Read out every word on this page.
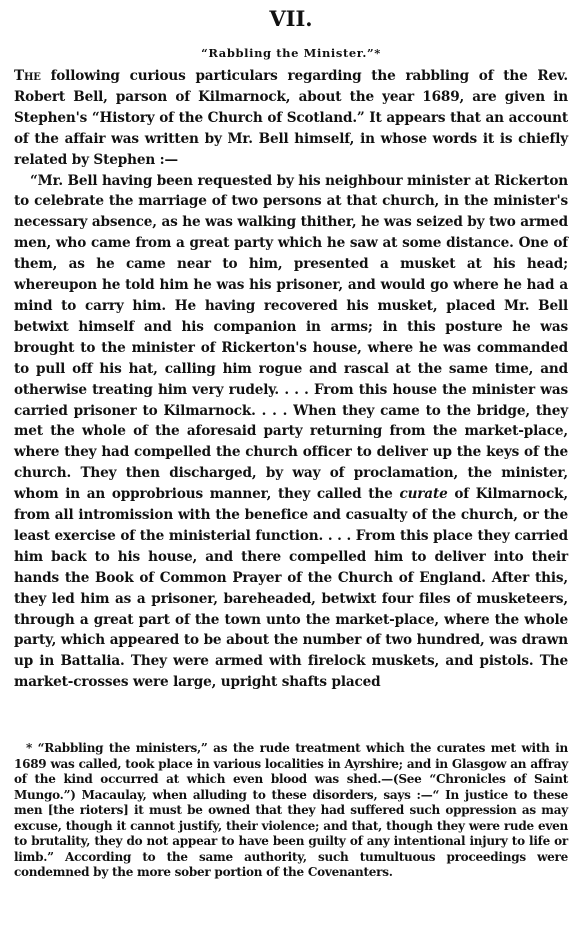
VII.
“Rabbling the Minister.”*

The following curious particulars regarding the rabbling of the Rev. Robert Bell, parson of Kilmarnock, about the year 1689, are given in Stephen's “History of the Church of Scotland.” It appears that an account of the affair was written by Mr. Bell himself, in whose words it is chiefly related by Stephen :—

“Mr. Bell having been requested by his neighbour minister at Rickerton to celebrate the marriage of two persons at that church, in the minister's necessary absence, as he was walking thither, he was seized by two armed men, who came from a great party which he saw at some distance. One of them, as he came near to him, presented a musket at his head; whereupon he told him he was his prisoner, and would go where he had a mind to carry him. He having recovered his musket, placed Mr. Bell betwixt himself and his companion in arms; in this posture he was brought to the minister of Rickerton's house, where he was commanded to pull off his hat, calling him rogue and rascal at the same time, and otherwise treating him very rudely. . . . From this house the minister was carried prisoner to Kilmarnock. . . . When they came to the bridge, they met the whole of the aforesaid party returning from the market-place, where they had compelled the church officer to deliver up the keys of the church. They then discharged, by way of proclamation, the minister, whom in an opprobrious manner, they called the curate of Kilmarnock, from all intromission with the benefice and casualty of the church, or the least exercise of the ministerial function. . . . From this place they carried him back to his house, and there compelled him to deliver into their hands the Book of Common Prayer of the Church of England. After this, they led him as a prisoner, bareheaded, betwixt four files of musketeers, through a great part of the town unto the market-place, where the whole party, which appeared to be about the number of two hundred, was drawn up in Battalia. They were armed with firelock muskets, and pistols. The market-crosses were large, upright shafts placed

* “Rabbling the ministers,” as the rude treatment which the curates met with in 1689 was called, took place in various localities in Ayrshire; and in Glasgow an affray of the kind occurred at which even blood was shed.—(See “Chronicles of Saint Mungo.”) Macaulay, when alluding to these disorders, says :—“ In justice to these men [the rioters] it must be owned that they had suffered such oppression as may excuse, though it cannot justify, their violence; and that, though they were rude even to brutality, they do not appear to have been guilty of any intentional injury to life or limb.” According to the same authority, such tumultuous proceedings were condemned by the more sober portion of the Covenanters.
